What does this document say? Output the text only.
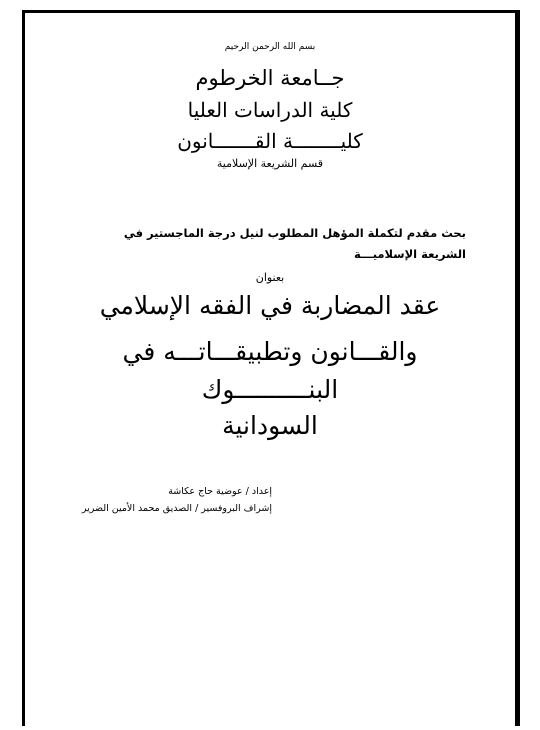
بسم الله الرحمن الرحيم
جــامعة الخرطوم
كلية الدراسات العليا
كليــــــــة القـــــــانون
قسم الشريعة الإسلامية
بحث مقدم لتكملة المؤهل المطلوب لنيل درجة الماجستير في
الشريعة الإسلاميـــة
بعنوان
عقد المضاربة في الفقه الإسلامي
والقـــانون وتطبيقـــاتـــه في
البنــــــــــوك
السودانية
إعداد / عوضية حاج عكاشة
إشراف البروفسير / الصديق محمد الأمين الضرير
